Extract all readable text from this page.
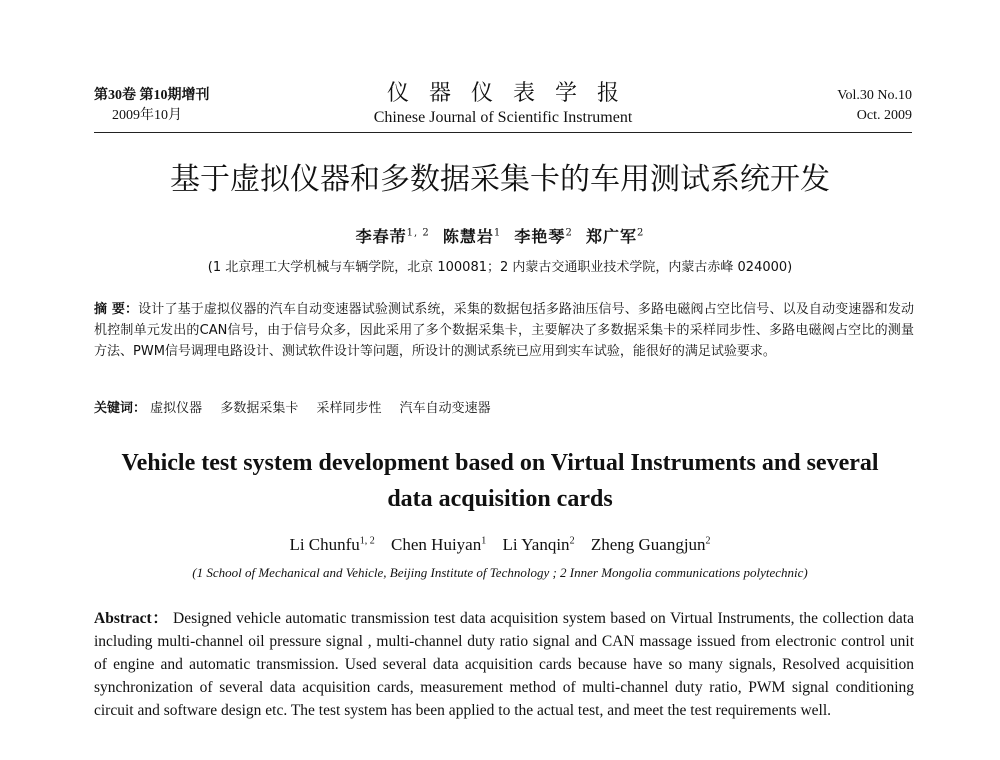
第30卷 第10期增刊
2009年10月
仪器仪表学报
Chinese Journal of Scientific Instrument
Vol.30 No.10
Oct. 2009
基于虚拟仪器和多数据采集卡的车用测试系统开发
李春芾$^{1, 2}$ 陈慧岩$^1$ 李艳琴$^2$ 郑广军$^2$
(1 北京理工大学机械与车辆学院，北京 100081；2 内蒙古交通职业技术学院，内蒙古赤峰 024000)
摘 要：设计了基于虚拟仪器的汽车自动变速器试验测试系统，采集的数据包括多路油压信号、多路电磁阀占空比信号、以及自动变速器和发动机控制单元发出的CAN信号，由于信号众多，因此采用了多个数据采集卡，主要解决了多数据采集卡的采样同步性、多路电磁阀占空比的测量方法、PWM信号调理电路设计、测试软件设计等问题，所设计的测试系统已应用到实车试验，能很好的满足试验要求。
关键词： 虚拟仪器 多数据采集卡 采样同步性 汽车自动变速器
Vehicle test system development based on Virtual Instruments and several data acquisition cards
Li Chunfu$^{1, 2}$ Chen Huiyan$^1$ Li Yanqin$^2$ Zheng Guangjun$^2$
(1 School of Mechanical and Vehicle, Beijing Institute of Technology ; 2 Inner Mongolia communications polytechnic)
Abstract： Designed vehicle automatic transmission test data acquisition system based on Virtual Instruments, the collection data including multi-channel oil pressure signal , multi-channel duty ratio signal and CAN massage issued from electronic control unit of engine and automatic transmission. Used several data acquisition cards because have so many signals, Resolved acquisition synchronization of several data acquisition cards, measurement method of multi-channel duty ratio, PWM signal conditioning circuit and software design etc. The test system has been applied to the actual test, and meet the test requirements well.
